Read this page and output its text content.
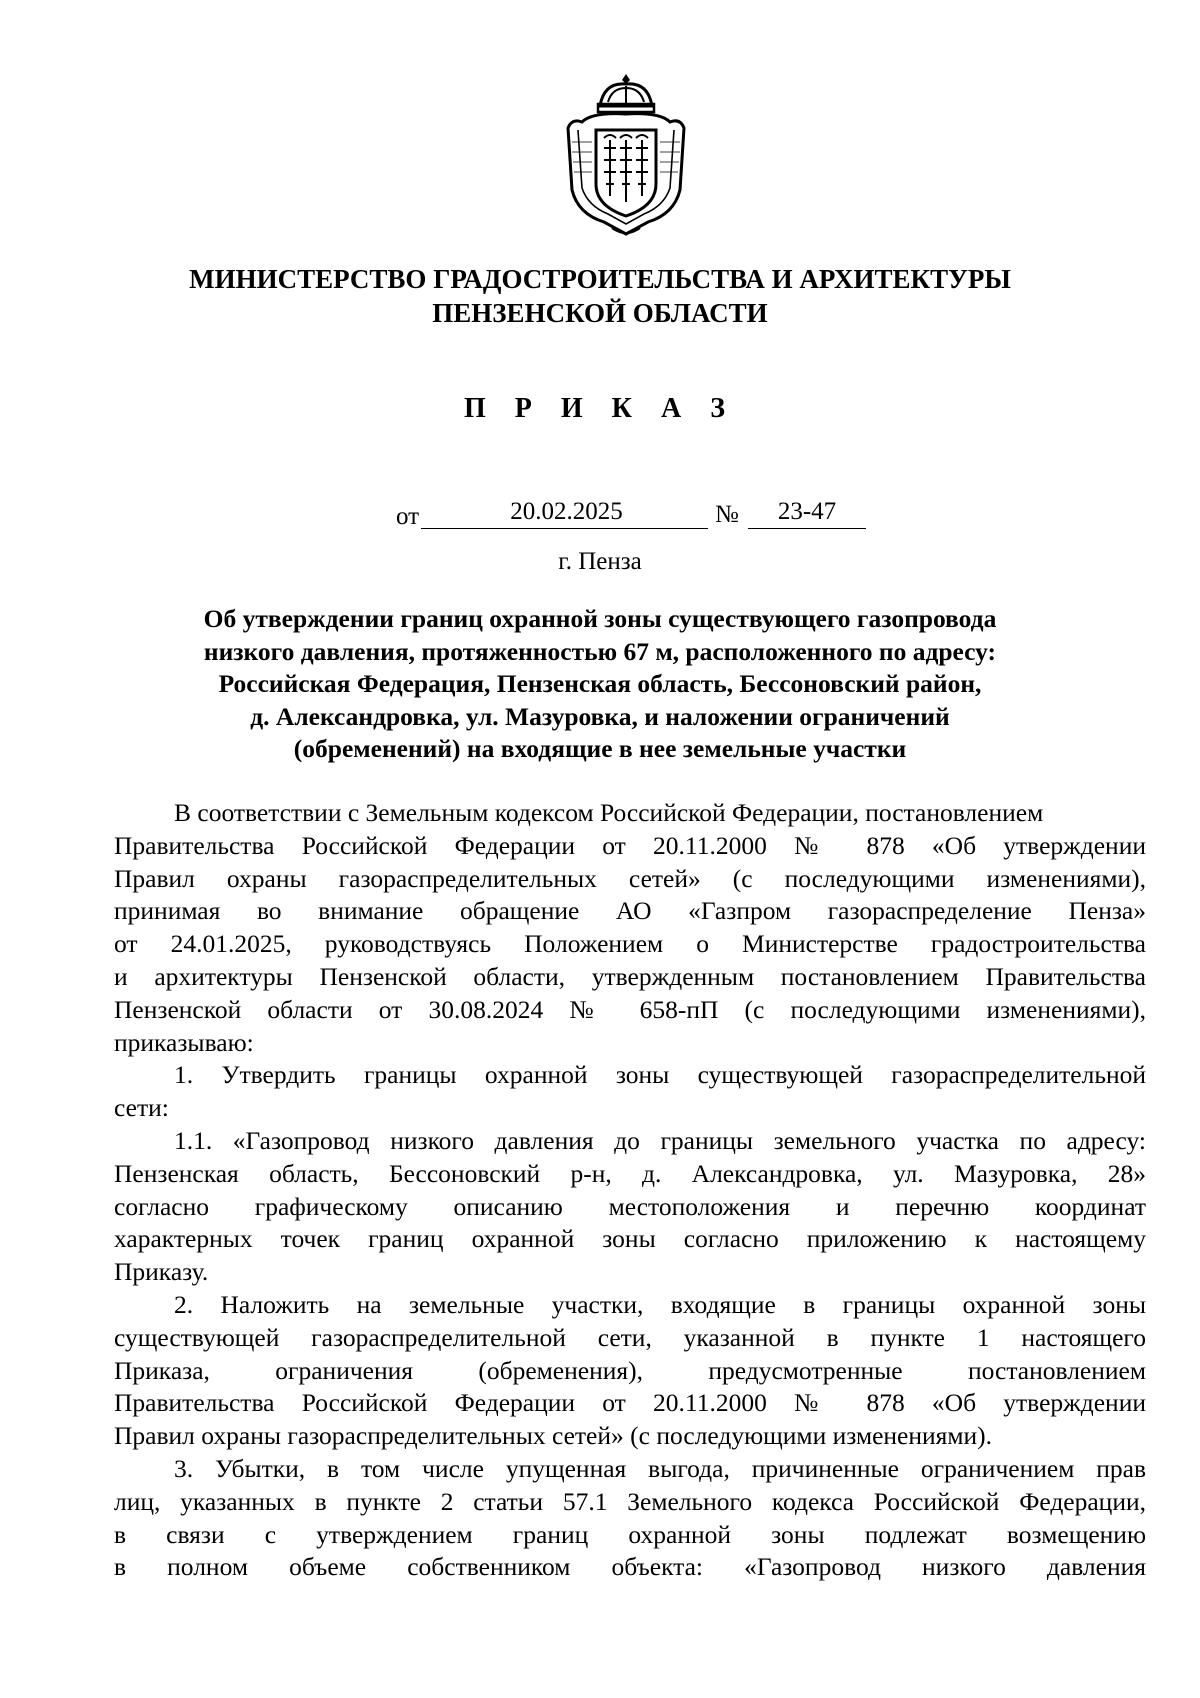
МИНИСТЕРСТВО ГРАДОСТРОИТЕЛЬСТВА И АРХИТЕКТУРЫ
ПЕНЗЕНСКОЙ ОБЛАСТИ
П Р И К А З
от	20.02.2025	№	23-47
г. Пенза
Об утверждении границ охранной зоны существующего газопровода
низкого давления, протяженностью 67 м, расположенного по адресу:
Российская Федерация, Пензенская область, Бессоновский район,
д. Александровка, ул. Мазуровка, и наложении ограничений
(обременений) на входящие в нее земельные участки
В соответствии с Земельным кодексом Российской Федерации, постановлением
Правительства Российской Федерации от 20.11.2000 № 878 «Об утверждении
Правил охраны газораспределительных сетей» (с последующими изменениями),
принимая во внимание обращение АО «Газпром газораспределение Пенза»
от 24.01.2025, руководствуясь Положением о Министерстве градостроительства
и архитектуры Пензенской области, утвержденным постановлением Правительства
Пензенской области от 30.08.2024 № 658-пП (с последующими изменениями),
приказываю:
1. Утвердить границы охранной зоны существующей газораспределительной
сети:
1.1. «Газопровод низкого давления до границы земельного участка по адресу:
Пензенская область, Бессоновский р-н, д. Александровка, ул. Мазуровка, 28»
согласно графическому описанию местоположения и перечню координат
характерных точек границ охранной зоны согласно приложению к настоящему
Приказу.
2. Наложить на земельные участки, входящие в границы охранной зоны
существующей газораспределительной сети, указанной в пункте 1 настоящего
Приказа, ограничения (обременения), предусмотренные постановлением
Правительства Российской Федерации от 20.11.2000 № 878 «Об утверждении
Правил охраны газораспределительных сетей» (с последующими изменениями).
3. Убытки, в том числе упущенная выгода, причиненные ограничением прав
лиц, указанных в пункте 2 статьи 57.1 Земельного кодекса Российской Федерации,
в связи с утверждением границ охранной зоны подлежат возмещению
в полном объеме собственником объекта: «Газопровод низкого давления
